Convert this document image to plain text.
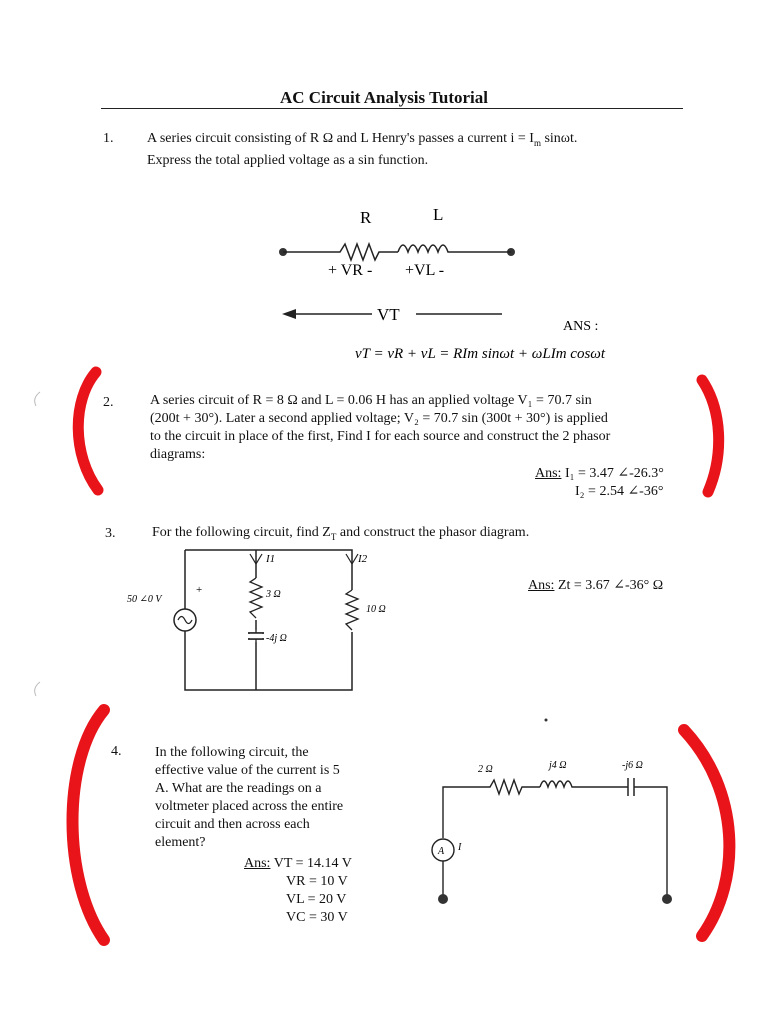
AC Circuit Analysis Tutorial
1. A series circuit consisting of R Ω and L Henry's passes a current $i = I_m$ sinωt.
Express the total applied voltage as a sin function.
R	L
+ VR - +VL -
VT
ANS :
vT = vR + vL = RIm sinωt + ωLIm cosωt
2.	A series circuit of R = 8 Ω and L = 0.06 H has an applied voltage V₁ = 70.7 sin
(200t + 30°). Later a second applied voltage; V₂ = 70.7 sin (300t + 30°) is applied
to the circuit in place of the first, Find I for each source and construct the 2 phasor
diagrams:
Ans: I₁ = 3.47 ∠-26.3°
I₂ = 2.54 ∠-36°
3.	For the following circuit, find $Z_T$ and construct the phasor diagram.
Ans: Zt = 3.67 ∠-36° Ω
50 ∠0 V
+	3 Ω
-4j Ω
10 Ω
I1	I2
4. In the following circuit, the
effective value of the current is 5
A. What are the readings on a
voltmeter placed across the entire
circuit and then across each
element?
Ans: VT = 14.14 V
VR = 10 V
VL = 20 V
VC = 30 V
2 Ω	j4 Ω	-j6 Ω
A I
